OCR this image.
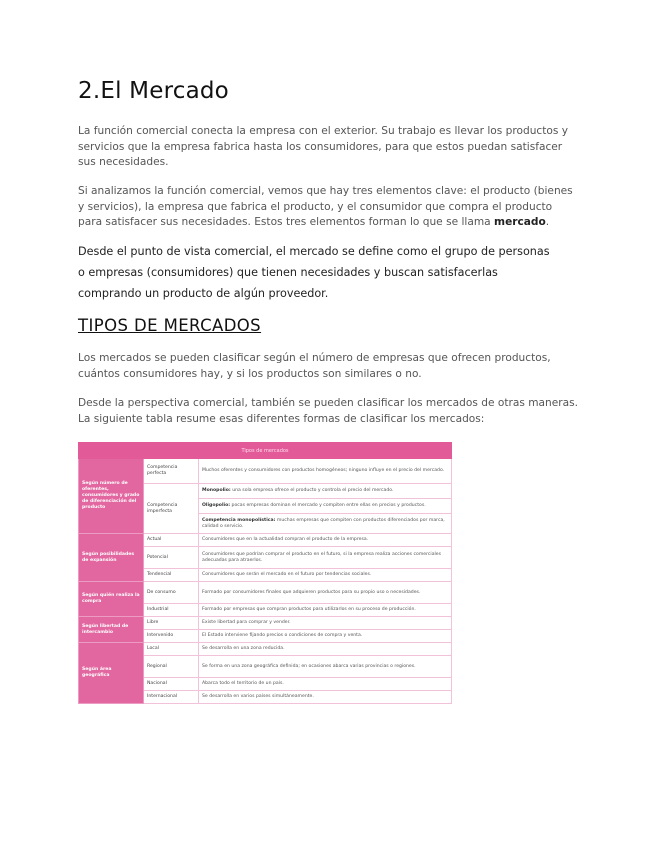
2.El Mercado

La función comercial conecta la empresa con el exterior. Su trabajo es llevar los productos y servicios que la empresa fabrica hasta los consumidores, para que estos puedan satisfacer sus necesidades.

Si analizamos la función comercial, vemos que hay tres elementos clave: el producto (bienes y servicios), la empresa que fabrica el producto, y el consumidor que compra el producto para satisfacer sus necesidades. Estos tres elementos forman lo que se llama mercado.

Desde el punto de vista comercial, el mercado se define como el grupo de personas o empresas (consumidores) que tienen necesidades y buscan satisfacerlas comprando un producto de algún proveedor.

TIPOS DE MERCADOS

Los mercados se pueden clasificar según el número de empresas que ofrecen productos, cuántos consumidores hay, y si los productos son similares o no.

Desde la perspectiva comercial, también se pueden clasificar los mercados de otras maneras. La siguiente tabla resume esas diferentes formas de clasificar los mercados:

Tipos de mercados		
Según número de oferentes, consumidores y grado de diferenciación del producto	Competencia perfecta	Muchos oferentes y consumidores con productos homogéneos; ninguno influye en el precio del mercado.
	Competencia imperfecta	Monopolio: una sola empresa ofrece el producto y controla el precio del mercado.
		Oligopolio: pocas empresas dominan el mercado y compiten entre ellas en precios y productos.
		Competencia monopolística: muchas empresas que compiten con productos diferenciados por marca, calidad o servicio.
Según posibilidades de expansión	Actual	Consumidores que en la actualidad compran el producto de la empresa.
	Potencial	Consumidores que podrían comprar el producto en el futuro, si la empresa realiza acciones comerciales adecuadas para atraerlos.
	Tendencial	Consumidores que serán el mercado en el futuro por tendencias sociales.
Según quién realiza la compra	De consumo	Formado por consumidores finales que adquieren productos para su propio uso o necesidades.
	Industrial	Formado por empresas que compran productos para utilizarlos en su proceso de producción.
Según libertad de intercambio	Libre	Existe libertad para comprar y vender.
	Intervenido	El Estado interviene fijando precios o condiciones de compra y venta.
Según área geográfica	Local	Se desarrolla en una zona reducida.
	Regional	Se forma en una zona geográfica definida; en ocasiones abarca varias provincias o regiones.
	Nacional	Abarca todo el territorio de un país.
	Internacional	Se desarrolla en varios países simultáneamente.
